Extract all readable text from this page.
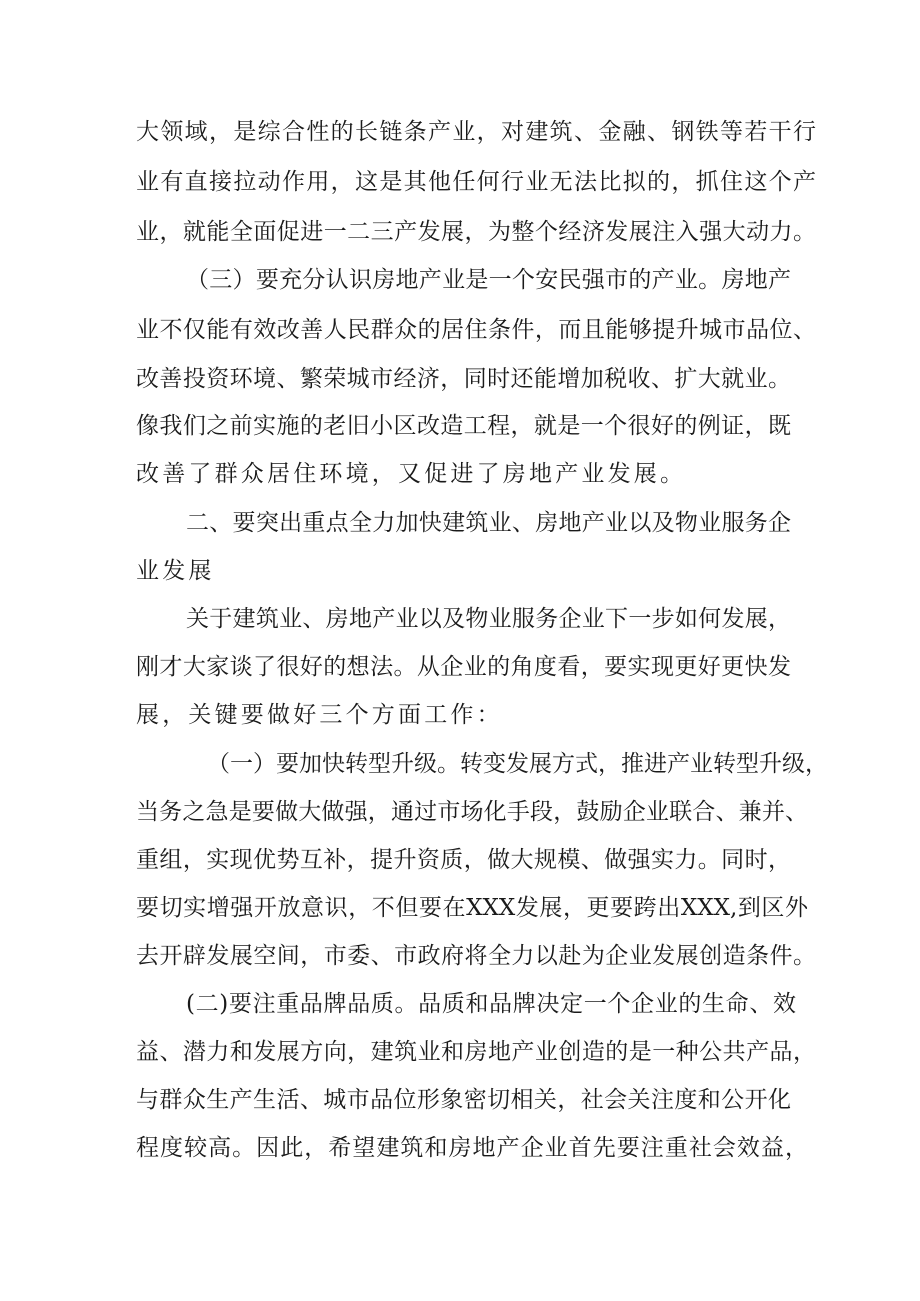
大领域，是综合性的长链条产业，对建筑、金融、钢铁等若干行
业有直接拉动作用，这是其他任何行业无法比拟的，抓住这个产
业，就能全面促进一二三产发展，为整个经济发展注入强大动力。
（三）要充分认识房地产业是一个安民强市的产业。房地产
业不仅能有效改善人民群众的居住条件，而且能够提升城市品位、
改善投资环境、繁荣城市经济，同时还能增加税收、扩大就业。
像我们之前实施的老旧小区改造工程，就是一个很好的例证，既
改善了群众居住环境，又促进了房地产业发展。
二、要突出重点全力加快建筑业、房地产业以及物业服务企
业发展
关于建筑业、房地产业以及物业服务企业下一步如何发展，
刚才大家谈了很好的想法。从企业的角度看，要实现更好更快发
展，关键要做好三个方面工作：
（一）要加快转型升级。转变发展方式，推进产业转型升级，
当务之急是要做大做强，通过市场化手段，鼓励企业联合、兼并、
重组，实现优势互补，提升资质，做大规模、做强实力。同时，
要切实增强开放意识，不但要在XXX发展，更要跨出XXX,到区外
去开辟发展空间，市委、市政府将全力以赴为企业发展创造条件。
(二)要注重品牌品质。品质和品牌决定一个企业的生命、效
益、潜力和发展方向，建筑业和房地产业创造的是一种公共产品，
与群众生产生活、城市品位形象密切相关，社会关注度和公开化
程度较高。因此，希望建筑和房地产企业首先要注重社会效益，
